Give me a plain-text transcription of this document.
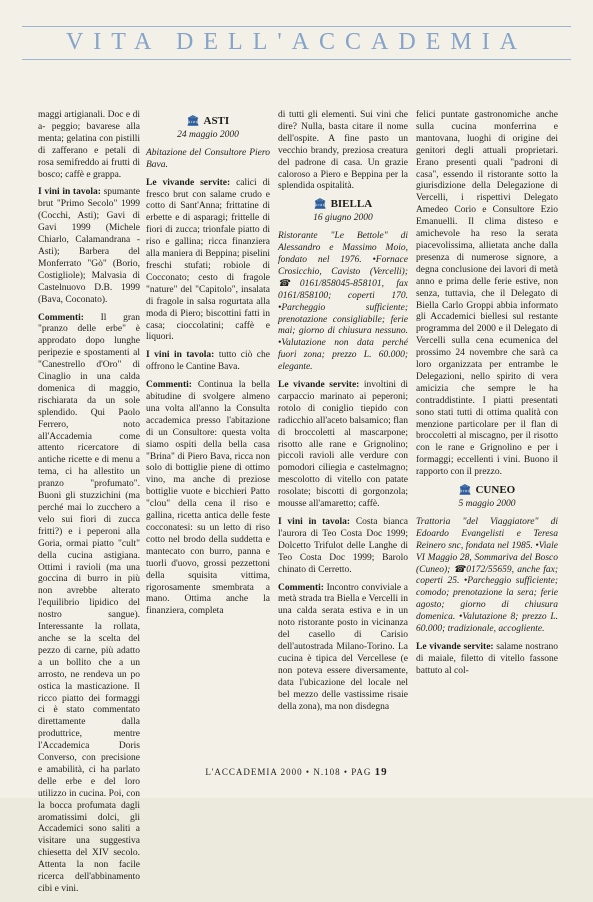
VITA DELL'ACCADEMIA

maggi artigianali. Doc e di a- peggio; bavarese alla menta; gelatina con pistilli di zafferano e petali di rosa semifreddo ai frutti di bosco; caffè e grappa.

I vini in tavola: spumante brut "Primo Secolo" 1999 (Cocchi, Asti); Gavi di Gavi 1999 (Michele Chiarlo, Calamandrana - Asti); Barbera del Monferrato "Gò" (Borio, Costigliole); Malvasia di Castelnuovo D.B. 1999 (Bava, Coconato).

Commenti: Il gran "pranzo delle erbe" è approdato dopo lunghe peripezie e spostamenti al "Canestrello d'Oro" di Cinaglio in una calda domenica di maggio, rischiarata da un sole splendido. Qui Paolo Ferrero, noto all'Accademia come attento ricercatore di antiche ricette e di menu a tema, ci ha allestito un pranzo "profumato". Buoni gli stuzzichini (ma perché mai lo zucchero a velo sui fiori di zucca fritti?) e i peperoni alla Goria, ormai piatto "cult" della cucina astigiana. Ottimi i ravioli (ma una goccina di burro in più non avrebbe alterato l'equilibrio lipidico del nostro sangue). Interessante la rollata, anche se la scelta del pezzo di carne, più adatto a un bollito che a un arrosto, ne rendeva un po ostica la masticazione. Il ricco piatto dei formaggi ci è stato commentato direttamente dalla produttrice, mentre l'Accademica Doris Converso, con precisione e amabilità, ci ha parlato delle erbe e del loro utilizzo in cucina. Poi, con la bocca profumata dagli aromatissimi dolci, gli Accademici sono saliti a visitare una suggestiva chiesetta del XIV secolo. Attenta la non facile ricerca dell'abbinamento cibi e vini.

🏛 ASTI
24 maggio 2000

Abitazione del Consultore Piero Bava.

Le vivande servite: calici di fresco brut con salame crudo e cotto di Sant'Anna; frittatine di erbette e di asparagi; frittelle di fiori di zucca; trionfale piatto di riso e gallina; ricca finanziera alla maniera di Beppina; piselini freschi stufati; robiole di Cocconato; cesto di fragole "nature" del "Capitolo", insalata di fragole in salsa rogurtata alla moda di Piero; biscottini fatti in casa; cioccolatini; caffè e liquori.

I vini in tavola: tutto ciò che offrono le Cantine Bava.

Commenti: Continua la bella abitudine di svolgere almeno una volta all'anno la Consulta accademica presso l'abitazione di un Consultore: questa volta siamo ospiti della bella casa "Brina" di Piero Bava, ricca non solo di bottiglie piene di ottimo vino, ma anche di preziose bottiglie vuote e bicchieri Patto "clou" della cena il riso e gallina, ricetta antica delle feste cocconatesi: su un letto di riso cotto nel brodo della suddetta e mantecato con burro, panna e tuorli d'uovo, grossi pezzettoni della squisita vittima, rigorosamente smembrata a mano. Ottima anche la finanziera, completa

di tutti gli elementi. Sui vini che dire? Nulla, basta citare il nome dell'ospite. A fine pasto un vecchio brandy, preziosa creatura del padrone di casa. Un grazie caloroso a Piero e Beppina per la splendida ospitalità.

🏛 BIELLA
16 giugno 2000

Ristorante "Le Bettole" di Alessandro e Massimo Moio, fondato nel 1976. •Fornace Crosicchio, Cavisto (Vercelli); ☎0161/858045-858101, fax 0161/858100; coperti 170. •Parcheggio sufficiente; prenotazione consigliabile; ferie mai; giorno di chiusura nessuno. •Valutazione non data perché fuori zona; prezzo L. 60.000; elegante.

Le vivande servite: involtini di carpaccio marinato ai peperoni; rotolo di coniglio tiepido con radicchio all'aceto balsamico; flan di broccoletti al mascarpone; risotto alle rane e Grignolino; piccoli ravioli alle verdure con pomodori ciliegia e castelmagno; mescolotto di vitello con patate rosolate; biscotti di gorgonzola; mousse all'amaretto; caffè.

I vini in tavola: Costa bianca l'aurora di Teo Costa Doc 1999; Dolcetto Trifulot delle Langhe di Teo Costa Doc 1999; Barolo chinato di Cerretto.

Commenti: Incontro conviviale a metà strada tra Biella e Vercelli in una calda serata estiva e in un noto ristorante posto in vicinanza del casello di Carisio dell'autostrada Milano-Torino. La cucina è tipica del Vercellese (e non poteva essere diversamente, data l'ubicazione del locale nel bel mezzo delle vastissime risaie della zona), ma non disdegna

felici puntate gastronomiche anche sulla cucina monferrina e mantovana, luoghi di origine dei genitori degli attuali proprietari. Erano presenti quali "padroni di casa", essendo il ristorante sotto la giurisdizione della Delegazione di Vercelli, i rispettivi Delegato Amedeo Corio e Consultore Ezio Emanuelli. Il clima disteso e amichevole ha reso la serata piacevolissima, allietata anche dalla presenza di numerose signore, a degna conclusione dei lavori di metà anno e prima delle ferie estive, non senza, tuttavia, che il Delegato di Biella Carlo Groppi abbia informato gli Accademici biellesi sul restante programma del 2000 e il Delegato di Vercelli sulla cena ecumenica del prossimo 24 novembre che sarà ca loro organizzata per entrambe le Delegazioni, nello spirito di vera amicizia che sempre le ha contraddistinte. I piatti presentati sono stati tutti di ottima qualità con menzione particolare per il flan di broccoletti al miscagno, per il risotto con le rane e Grignolino e per i formaggi; eccellenti i vini. Buono il rapporto con il prezzo.

🏛 CUNEO
5 maggio 2000

Trattoria "del Viaggiatore" di Edoardo Evangelisti e Teresa Reinero snc, fondata nel 1985. •Viale VI Maggio 28, Sommariva del Bosco (Cuneo); ☎0172/55659, anche fax; coperti 25. •Parcheggio sufficiente; comodo; prenotazione la sera; ferie agosto; giorno di chiusura domenica. •Valutazione 8; prezzo L. 60.000; tradizionale, accogliente.

Le vivande servite: salame nostrano di maiale, filetto di vitello fassone battuto al col-

L'ACCADEMIA 2000 • N.108 • PAG 19
